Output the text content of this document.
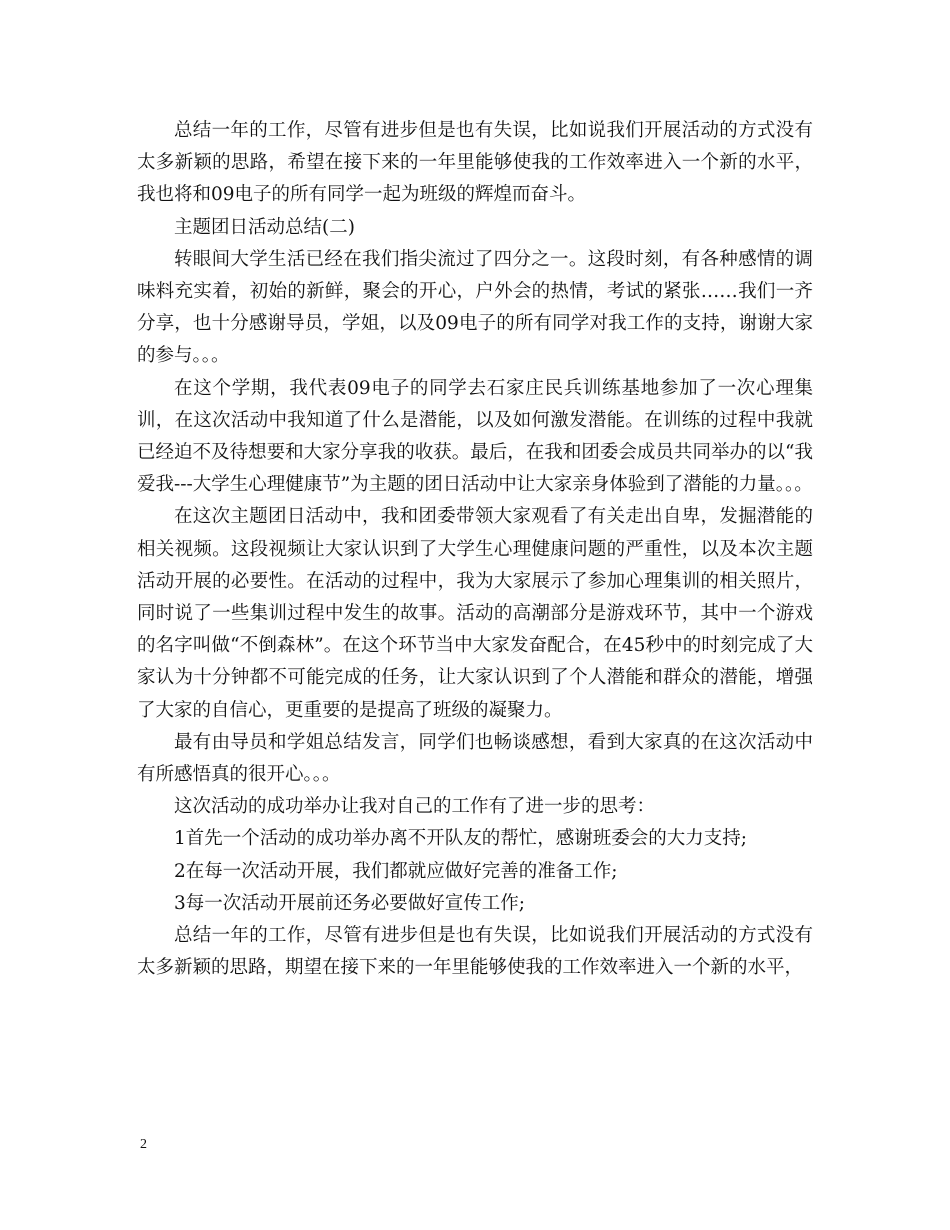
总结一年的工作，尽管有进步但是也有失误，比如说我们开展活动的方式没有太多新颖的思路，希望在接下来的一年里能够使我的工作效率进入一个新的水平，我也将和09电子的所有同学一起为班级的辉煌而奋斗。

主题团日活动总结(二)

转眼间大学生活已经在我们指尖流过了四分之一。这段时刻，有各种感情的调味料充实着，初始的新鲜，聚会的开心，户外会的热情，考试的紧张……我们一齐分享，也十分感谢导员，学姐，以及09电子的所有同学对我工作的支持，谢谢大家的参与。。。

在这个学期，我代表09电子的同学去石家庄民兵训练基地参加了一次心理集训，在这次活动中我知道了什么是潜能，以及如何激发潜能。在训练的过程中我就已经迫不及待想要和大家分享我的收获。最后，在我和团委会成员共同举办的以“我爱我---大学生心理健康节”为主题的团日活动中让大家亲身体验到了潜能的力量。。。

在这次主题团日活动中，我和团委带领大家观看了有关走出自卑，发掘潜能的相关视频。这段视频让大家认识到了大学生心理健康问题的严重性，以及本次主题活动开展的必要性。在活动的过程中，我为大家展示了参加心理集训的相关照片，同时说了一些集训过程中发生的故事。活动的高潮部分是游戏环节，其中一个游戏的名字叫做“不倒森林”。在这个环节当中大家发奋配合，在45秒中的时刻完成了大家认为十分钟都不可能完成的任务，让大家认识到了个人潜能和群众的潜能，增强了大家的自信心，更重要的是提高了班级的凝聚力。

最有由导员和学姐总结发言，同学们也畅谈感想，看到大家真的在这次活动中有所感悟真的很开心。。。

这次活动的成功举办让我对自己的工作有了进一步的思考：

1首先一个活动的成功举办离不开队友的帮忙，感谢班委会的大力支持;

2在每一次活动开展，我们都就应做好完善的准备工作;

3每一次活动开展前还务必要做好宣传工作;

总结一年的工作，尽管有进步但是也有失误，比如说我们开展活动的方式没有太多新颖的思路，期望在接下来的一年里能够使我的工作效率进入一个新的水平，

2
